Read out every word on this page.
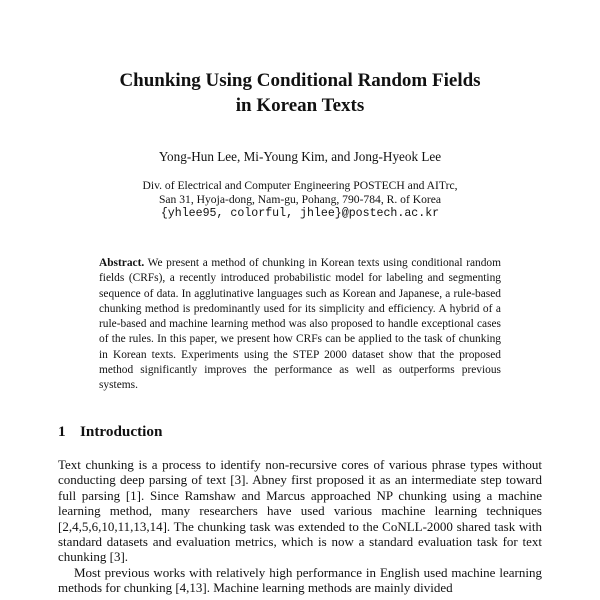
Chunking Using Conditional Random Fields
in Korean Texts
Yong-Hun Lee, Mi-Young Kim, and Jong-Hyeok Lee
Div. of Electrical and Computer Engineering POSTECH and AITrc,
San 31, Hyoja-dong, Nam-gu, Pohang, 790-784, R. of Korea
{yhlee95, colorful, jhlee}@postech.ac.kr
Abstract. We present a method of chunking in Korean texts using conditional random fields (CRFs), a recently introduced probabilistic model for labeling and segmenting sequence of data. In agglutinative languages such as Korean and Japanese, a rule-based chunking method is predominantly used for its simplicity and efficiency. A hybrid of a rule-based and machine learning method was also proposed to handle exceptional cases of the rules. In this paper, we present how CRFs can be applied to the task of chunking in Korean texts. Experiments using the STEP 2000 dataset show that the proposed method significantly improves the performance as well as outperforms previous systems.
1 Introduction

Text chunking is a process to identify non-recursive cores of various phrase types without conducting deep parsing of text [3]. Abney first proposed it as an intermediate step toward full parsing [1]. Since Ramshaw and Marcus approached NP chunking using a machine learning method, many researchers have used various machine learning techniques [2,4,5,6,10,11,13,14]. The chunking task was extended to the CoNLL-2000 shared task with standard datasets and evaluation metrics, which is now a standard evaluation task for text chunking [3].

Most previous works with relatively high performance in English used machine learning methods for chunking [4,13]. Machine learning methods are mainly divided
